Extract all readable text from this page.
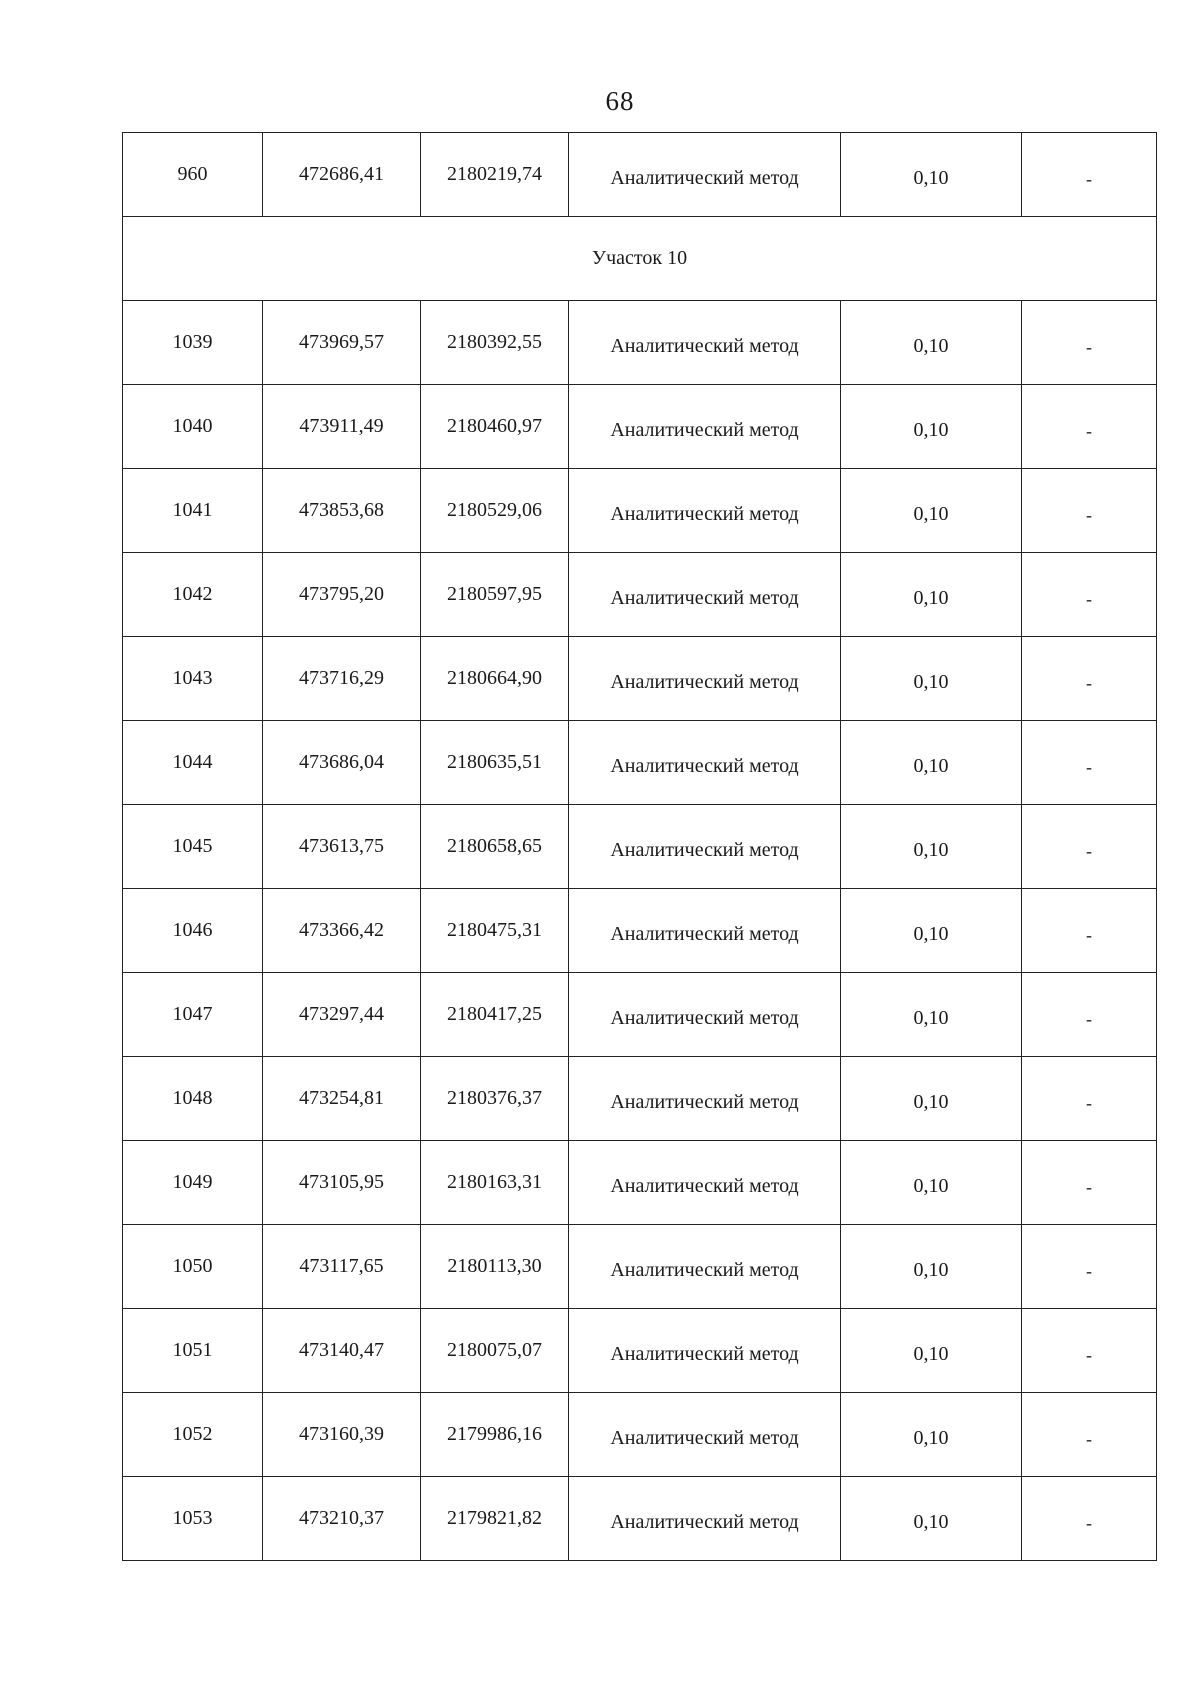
68
960	472686,41	2180219,74	Аналитический метод	0,10	-
Участок 10					
1039	473969,57	2180392,55	Аналитический метод	0,10	-
1040	473911,49	2180460,97	Аналитический метод	0,10	-
1041	473853,68	2180529,06	Аналитический метод	0,10	-
1042	473795,20	2180597,95	Аналитический метод	0,10	-
1043	473716,29	2180664,90	Аналитический метод	0,10	-
1044	473686,04	2180635,51	Аналитический метод	0,10	-
1045	473613,75	2180658,65	Аналитический метод	0,10	-
1046	473366,42	2180475,31	Аналитический метод	0,10	-
1047	473297,44	2180417,25	Аналитический метод	0,10	-
1048	473254,81	2180376,37	Аналитический метод	0,10	-
1049	473105,95	2180163,31	Аналитический метод	0,10	-
1050	473117,65	2180113,30	Аналитический метод	0,10	-
1051	473140,47	2180075,07	Аналитический метод	0,10	-
1052	473160,39	2179986,16	Аналитический метод	0,10	-
1053	473210,37	2179821,82	Аналитический метод	0,10	-
